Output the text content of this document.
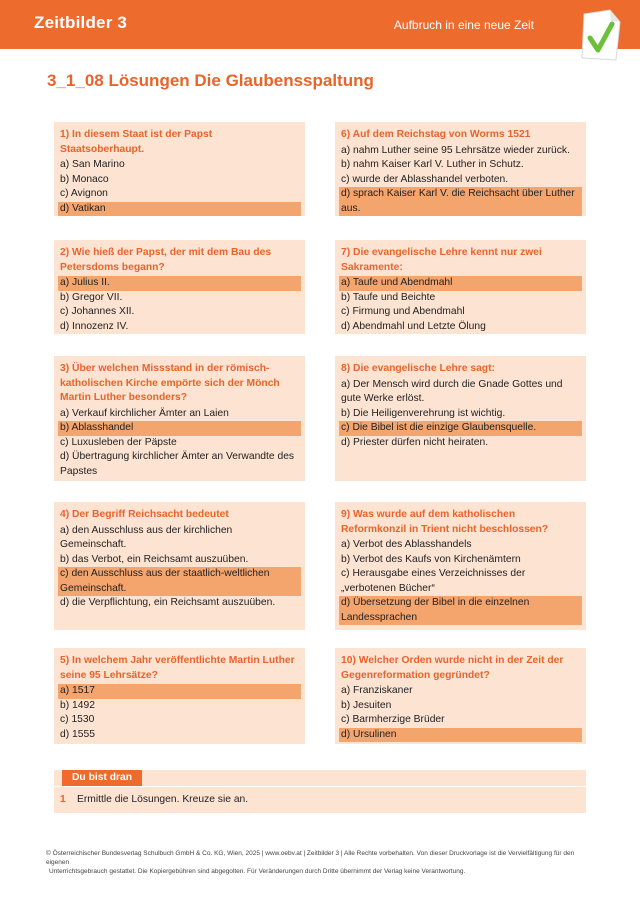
Zeitbilder 3	Aufbruch in eine neue Zeit
3_1_08 Lösungen Die Glaubensspaltung
1) In diesem Staat ist der Papst Staatsoberhaupt.
a) San Marino
b) Monaco
c) Avignon
d) Vatikan
2) Wie hieß der Papst, der mit dem Bau des Petersdoms begann?
a) Julius II.
b) Gregor VII.
c) Johannes XII.
d) Innozenz IV.
3) Über welchen Missstand in der römisch-katholischen Kirche empörte sich der Mönch Martin Luther besonders?
a) Verkauf kirchlicher Ämter an Laien
b) Ablasshandel
c) Luxusleben der Päpste
d) Übertragung kirchlicher Ämter an Verwandte des Papstes
4) Der Begriff Reichsacht bedeutet
a) den Ausschluss aus der kirchlichen Gemeinschaft.
b) das Verbot, ein Reichsamt auszuüben.
c) den Ausschluss aus der staatlich-weltlichen Gemeinschaft.
d) die Verpflichtung, ein Reichsamt auszuüben.
5) In welchem Jahr veröffentlichte Martin Luther seine 95 Lehrsätze?
a) 1517
b) 1492
c) 1530
d) 1555
6) Auf dem Reichstag von Worms 1521
a) nahm Luther seine 95 Lehrsätze wieder zurück.
b) nahm Kaiser Karl V. Luther in Schutz.
c) wurde der Ablasshandel verboten.
d) sprach Kaiser Karl V. die Reichsacht über Luther aus.
7) Die evangelische Lehre kennt nur zwei Sakramente:
a) Taufe und Abendmahl
b) Taufe und Beichte
c) Firmung und Abendmahl
d) Abendmahl und Letzte Ölung
8) Die evangelische Lehre sagt:
a) Der Mensch wird durch die Gnade Gottes und gute Werke erlöst.
b) Die Heiligenverehrung ist wichtig.
c) Die Bibel ist die einzige Glaubensquelle.
d) Priester dürfen nicht heiraten.
9) Was wurde auf dem katholischen Reformkonzil in Trient nicht beschlossen?
a) Verbot des Ablasshandels
b) Verbot des Kaufs von Kirchenämtern
c) Herausgabe eines Verzeichnisses der „verbotenen Bücher“
d) Übersetzung der Bibel in die einzelnen Landessprachen
10) Welcher Orden wurde nicht in der Zeit der Gegenreformation gegründet?
a) Franziskaner
b) Jesuiten
c) Barmherzige Brüder
d) Ursulinen
Du bist dran
1 Ermittle die Lösungen. Kreuze sie an.
© Österreichischer Bundesverlag Schulbuch GmbH & Co. KG, Wien, 2025 | www.oebv.at | Zeitbilder 3 | Alle Rechte vorbehalten. Von dieser Druckvorlage ist die Vervielfältigung für den eigenen
Unterrichtsgebrauch gestattet. Die Kopiergebühren sind abgegolten. Für Veränderungen durch Dritte übernimmt der Verlag keine Verantwortung.
